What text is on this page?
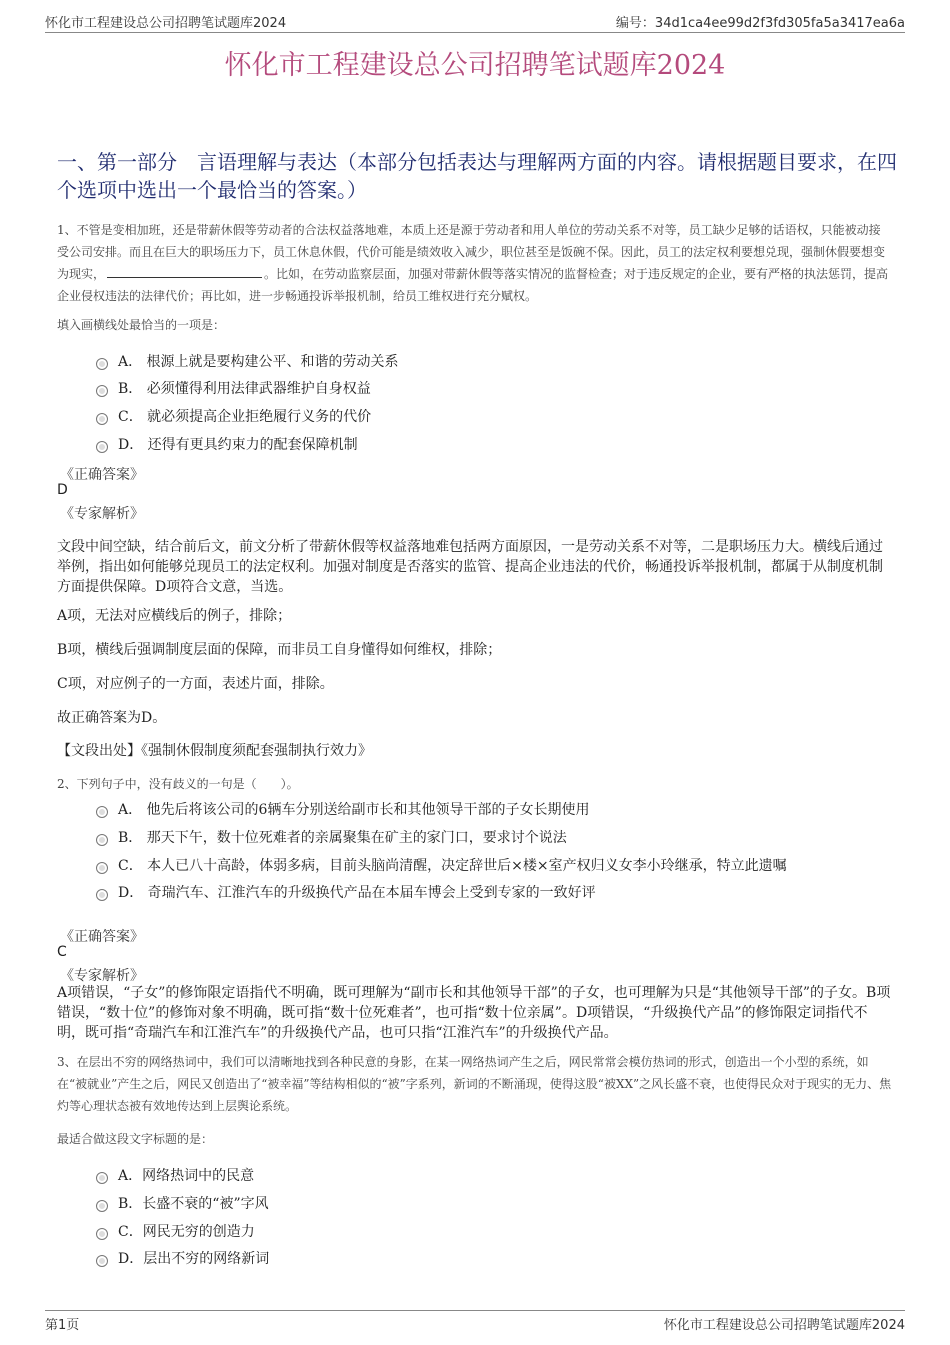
怀化市工程建设总公司招聘笔试题库2024	编号：34d1ca4ee99d2f3fd305fa5a3417ea6a
怀化市工程建设总公司招聘笔试题库2024
一、第一部分　言语理解与表达（本部分包括表达与理解两方面的内容。请根据题目要求，在四个选项中选出一个最恰当的答案。）

1、不管是变相加班，还是带薪休假等劳动者的合法权益落地难，本质上还是源于劳动者和用人单位的劳动关系不对等，员工缺少足够的话语权，只能被动接受公司安排。而且在巨大的职场压力下，员工休息休假，代价可能是绩效收入减少，职位甚至是饭碗不保。因此，员工的法定权利要想兑现，强制休假要想变为现实，	。比如，在劳动监察层面，加强对带薪休假等落实情况的监督检查；对于违反规定的企业，要有严格的执法惩罚，提高企业侵权违法的法律代价；再比如，进一步畅通投诉举报机制，给员工维权进行充分赋权。

填入画横线处最恰当的一项是：
A． 根源上就是要构建公平、和谐的劳动关系
B． 必须懂得利用法律武器维护自身权益
C． 就必须提高企业拒绝履行义务的代价
D． 还得有更具约束力的配套保障机制
《正确答案》
D
《专家解析》

文段中间空缺，结合前后文，前文分析了带薪休假等权益落地难包括两方面原因，一是劳动关系不对等，二是职场压力大。横线后通过举例，指出如何能够兑现员工的法定权利。加强对制度是否落实的监管、提高企业违法的代价，畅通投诉举报机制，都属于从制度机制方面提供保障。D项符合文意，当选。

A项，无法对应横线后的例子，排除；

B项，横线后强调制度层面的保障，而非员工自身懂得如何维权，排除；

C项，对应例子的一方面，表述片面，排除。

故正确答案为D。

【文段出处】《强制休假制度须配套强制执行效力》

2、下列句子中，没有歧义的一句是（　　）。
A． 他先后将该公司的6辆车分别送给副市长和其他领导干部的子女长期使用
B． 那天下午，数十位死难者的亲属聚集在矿主的家门口，要求讨个说法
C． 本人已八十高龄，体弱多病，目前头脑尚清醒，决定辞世后×楼×室产权归义女李小玲继承，特立此遗嘱
D． 奇瑞汽车、江淮汽车的升级换代产品在本届车博会上受到专家的一致好评
《正确答案》
C
《专家解析》

A项错误，“子女”的修饰限定语指代不明确，既可理解为“副市长和其他领导干部”的子女，也可理解为只是“其他领导干部”的子女。B项错误，“数十位”的修饰对象不明确，既可指“数十位死难者”，也可指“数十位亲属”。D项错误，“升级换代产品”的修饰限定词指代不明，既可指“奇瑞汽车和江淮汽车”的升级换代产品，也可只指“江淮汽车”的升级换代产品。

3、在层出不穷的网络热词中，我们可以清晰地找到各种民意的身影，在某一网络热词产生之后，网民常常会模仿热词的形式，创造出一个小型的系统，如在“被就业”产生之后，网民又创造出了“被幸福”等结构相似的“被”字系列，新词的不断涌现，使得这股“被XX”之风长盛不衰，也使得民众对于现实的无力、焦灼等心理状态被有效地传达到上层舆论系统。

最适合做这段文字标题的是：
A．网络热词中的民意
B．长盛不衰的“被”字风
C．网民无穷的创造力
D．层出不穷的网络新词
第1页	怀化市工程建设总公司招聘笔试题库2024
